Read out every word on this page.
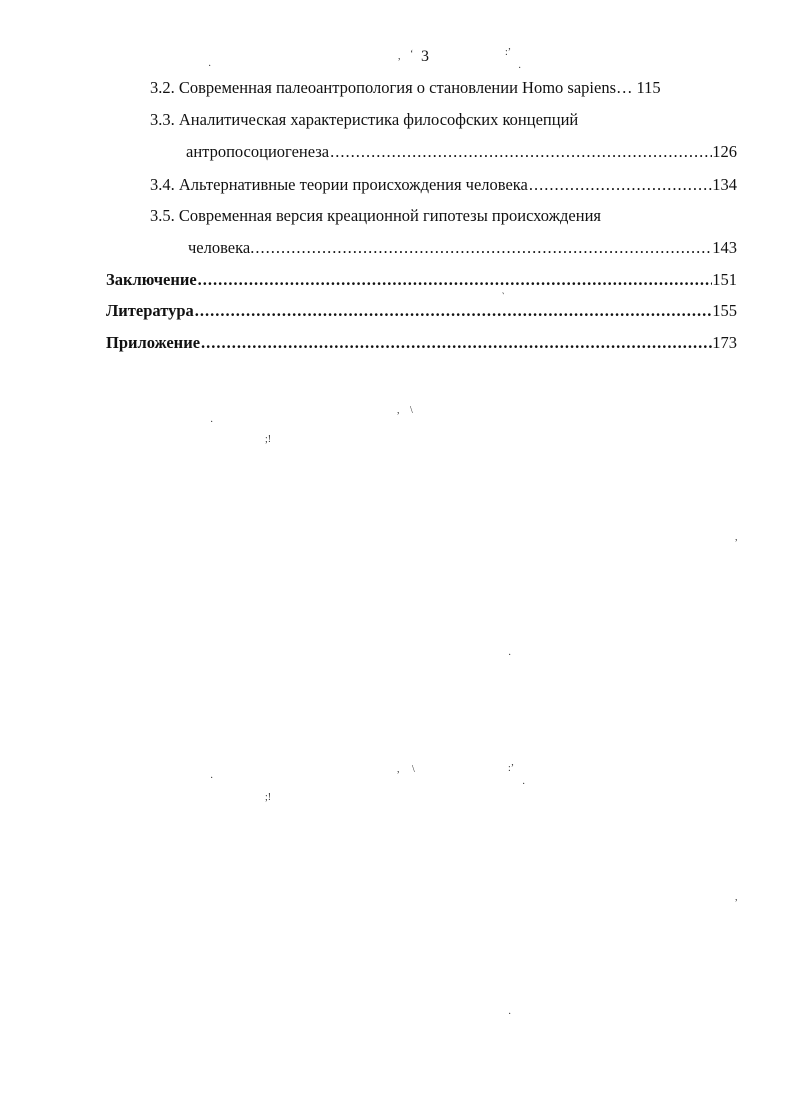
3
3.2. Современная палеоантропология о становлении Homo sapiens… 115
3.3. Аналитическая характеристика философских концепций
антропосоциогенеза .....	126
3.4. Альтернативные теории происхождения человека .....	134
3.5. Современная версия креационной гипотезы происхождения
человека. .....	143
Заключение .....	151
Литература .....	155
Приложение .....	173
·
, ‘	:’
·
‵
·
, \
;!
,
·
·
, \	:’
·
;!
,
·
